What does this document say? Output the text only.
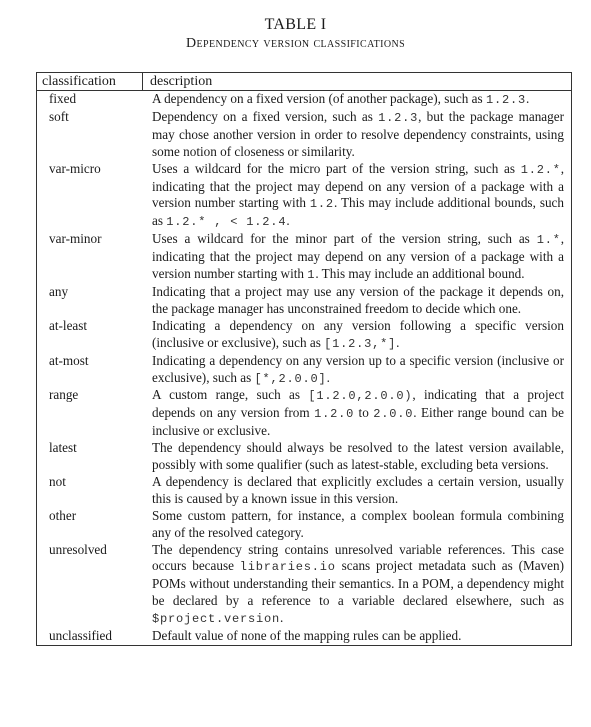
TABLE I
Dependency version classifications
classification	description
fixed	A dependency on a fixed version (of another package), such as 1.2.3.
soft	Dependency on a fixed version, such as 1.2.3, but the package manager may chose another version in order to resolve dependency constraints, using some notion of closeness or similarity.
var-micro	Uses a wildcard for the micro part of the version string, such as 1.2.*, indicating that the project may depend on any version of a package with a version number starting with 1.2. This may include additional bounds, such as 1.2.* , < 1.2.4.
var-minor	Uses a wildcard for the minor part of the version string, such as 1.*, indicating that the project may depend on any version of a package with a version number starting with 1. This may include an additional bound.
any	Indicating that a project may use any version of the package it depends on, the package manager has unconstrained freedom to decide which one.
at-least	Indicating a dependency on any version following a specific version (inclusive or exclusive), such as [1.2.3,*].
at-most	Indicating a dependency on any version up to a specific version (inclusive or exclusive), such as [*,2.0.0].
range	A custom range, such as [1.2.0,2.0.0), indicating that a project depends on any version from 1.2.0 to 2.0.0. Either range bound can be inclusive or exclusive.
latest	The dependency should always be resolved to the latest version available, possibly with some qualifier (such as latest-stable, excluding beta versions.
not	A dependency is declared that explicitly excludes a certain version, usually this is caused by a known issue in this version.
other	Some custom pattern, for instance, a complex boolean formula combining any of the resolved category.
unresolved	The dependency string contains unresolved variable references. This case occurs because libraries.io scans project metadata such as (Maven) POMs without understanding their semantics. In a POM, a dependency might be declared by a reference to a variable declared elsewhere, such as $project.version.
unclassified	Default value of none of the mapping rules can be applied.
